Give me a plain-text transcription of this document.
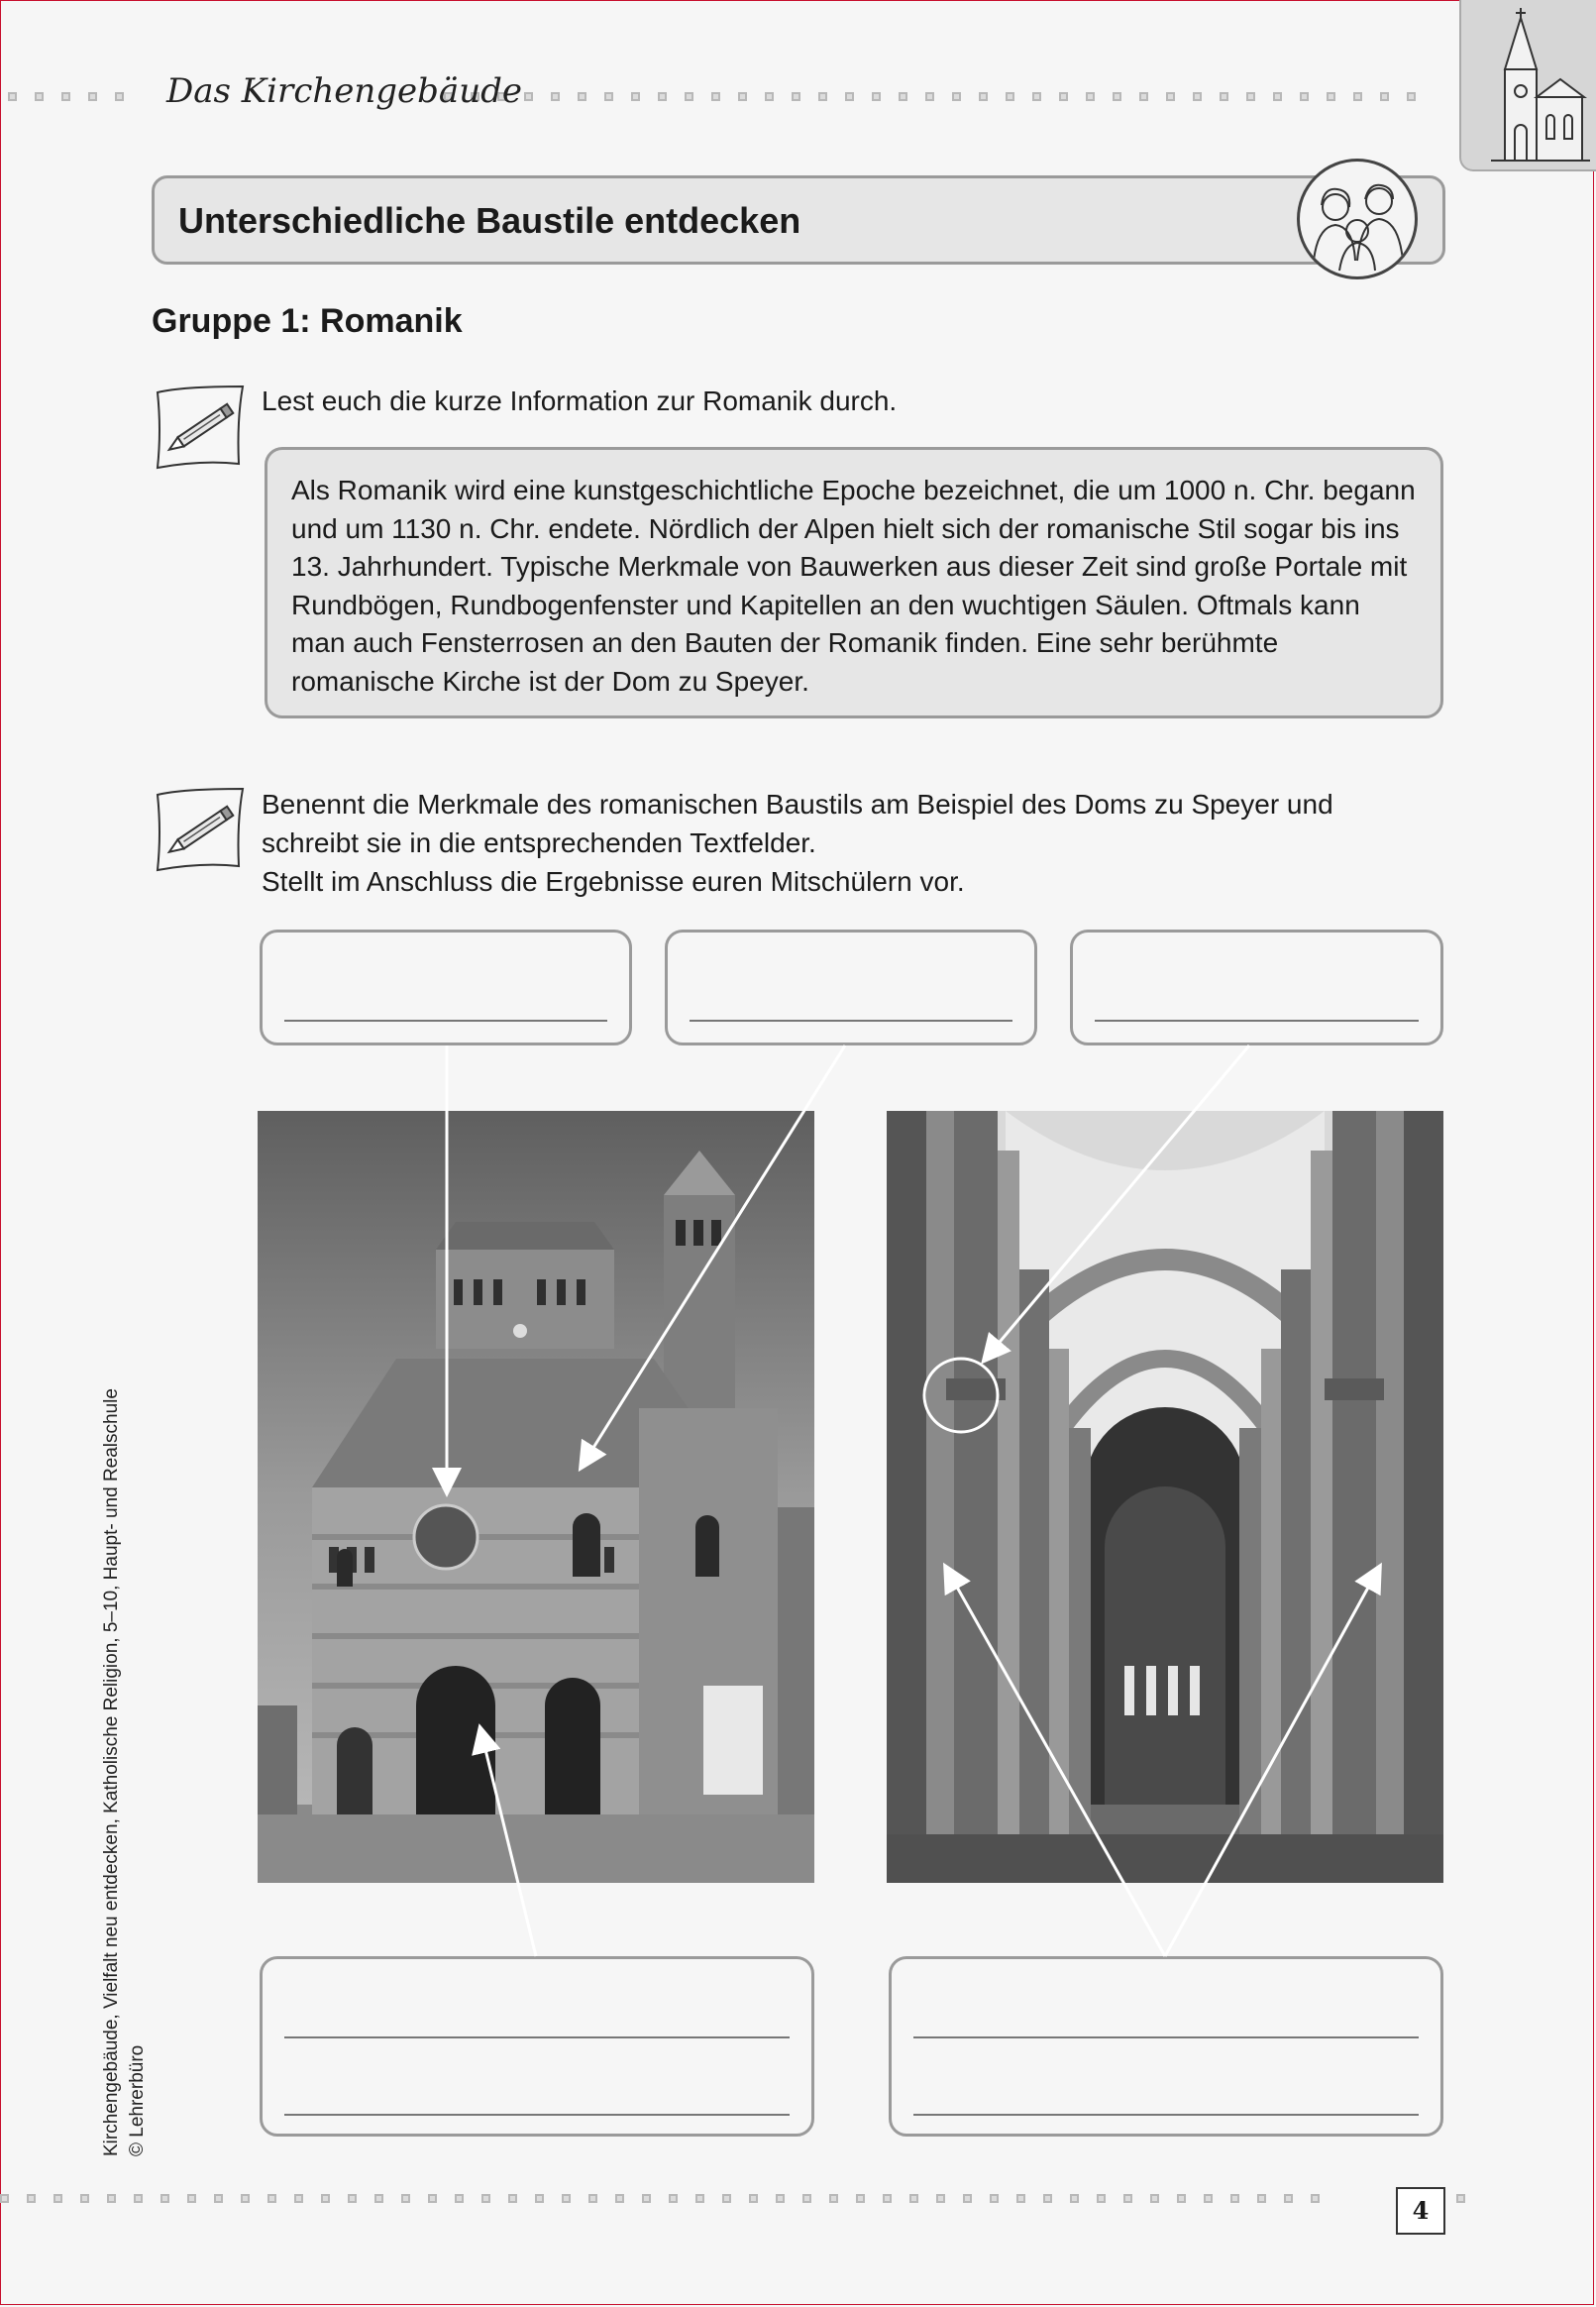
Das Kirchengebäude
Unterschiedliche Baustile entdecken
Gruppe 1: Romanik
Lest euch die kurze Information zur Romanik durch.

Als Romanik wird eine kunstgeschichtliche Epoche bezeichnet, die um 1000 n. Chr. begann und um 1130 n. Chr. endete. Nördlich der Alpen hielt sich der romanische Stil sogar bis ins 13. Jahrhundert. Typische Merkmale von Bauwerken aus dieser Zeit sind große Portale mit Rundbögen, Rundbogenfenster und Kapitellen an den wuchtigen Säulen. Oftmals kann man auch Fensterrosen an den Bauten der Romanik finden. Eine sehr berühmte romanische Kirche ist der Dom zu Speyer.

Benennt die Merkmale des romanischen Baustils am Beispiel des Doms zu Speyer und
schreibt sie in die entsprechenden Textfelder.
Stellt im Anschluss die Ergebnisse euren Mitschülern vor.
Kirchengebäude, Vielfalt neu entdecken, Katholische Religion, 5–10, Haupt- und Realschule © Lehrerbüro
4
